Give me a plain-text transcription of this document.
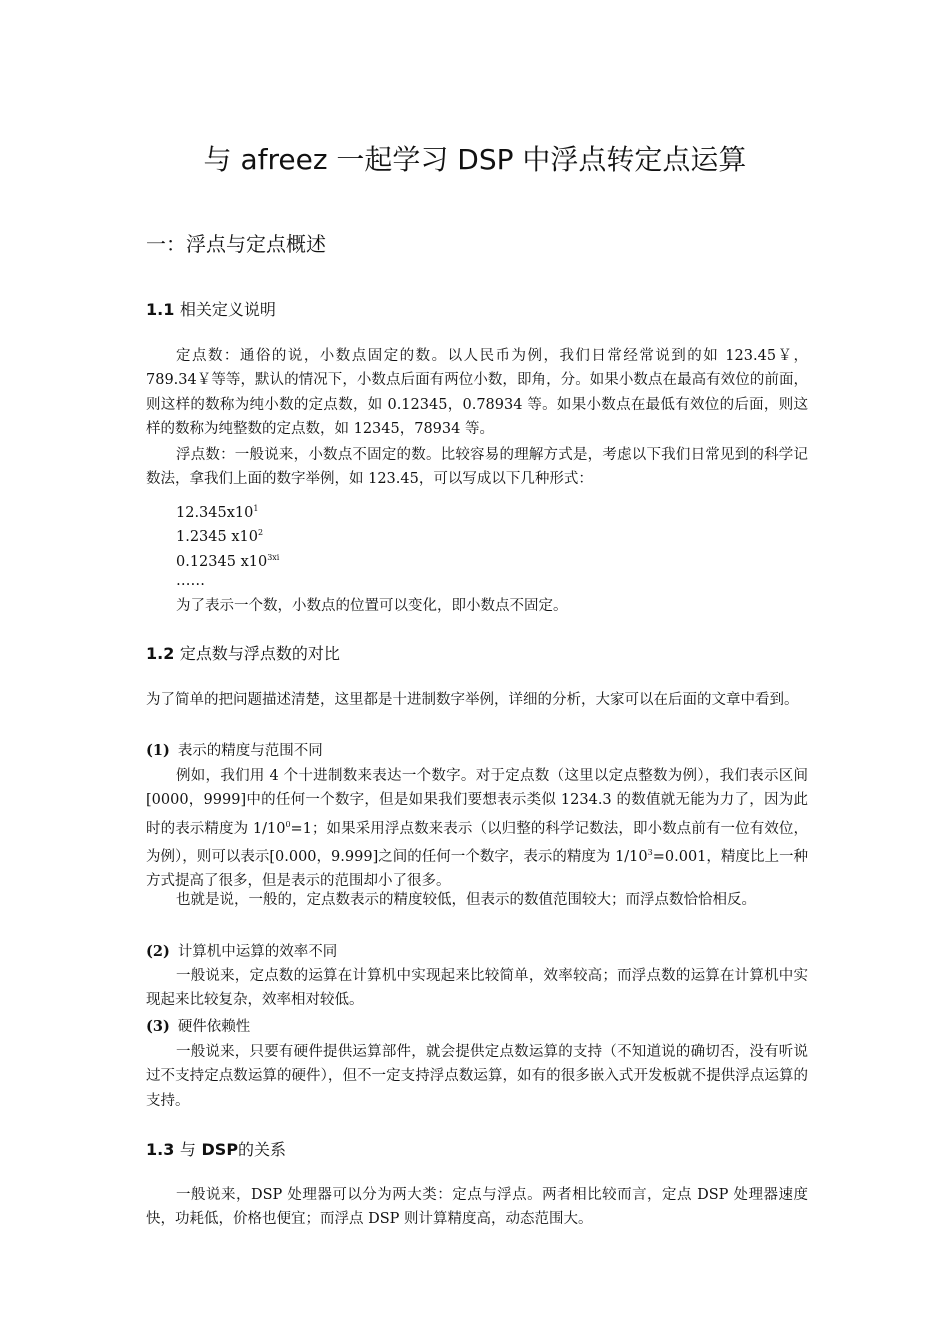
与 afreez 一起学习 DSP 中浮点转定点运算
一：浮点与定点概述
1.1 相关定义说明
定点数：通俗的说，小数点固定的数。以人民币为例，我们日常经常说到的如 123.45￥，789.34￥等等，默认的情况下，小数点后面有两位小数，即角，分。如果小数点在最高有效位的前面，则这样的数称为纯小数的定点数，如 0.12345，0.78934 等。如果小数点在最低有效位的后面，则这样的数称为纯整数的定点数，如 12345，78934 等。
浮点数：一般说来，小数点不固定的数。比较容易的理解方式是，考虑以下我们日常见到的科学记数法，拿我们上面的数字举例，如 123.45，可以写成以下几种形式：
$12.345x10^1$
1.2345 $x10^2$
0.12345 $x10^{3xi}$
……
为了表示一个数，小数点的位置可以变化，即小数点不固定。
1.2 定点数与浮点数的对比
为了简单的把问题描述清楚，这里都是十进制数字举例，详细的分析，大家可以在后面的文章中看到。
(1) 表示的精度与范围不同
例如，我们用 4 个十进制数来表达一个数字。对于定点数（这里以定点整数为例），我们表示区间[0000，9999]中的任何一个数字，但是如果我们要想表示类似 1234.3 的数值就无能为力了，因为此时的表示精度为 $1/10^0=1$；如果采用浮点数来表示（以归整的科学记数法，即小数点前有一位有效位，为例），则可以表示[0.000，9.999]之间的任何一个数字，表示的精度为 $1/10^3=0.001$，精度比上一种方式提高了很多，但是表示的范围却小了很多。
也就是说，一般的，定点数表示的精度较低，但表示的数值范围较大；而浮点数恰恰相反。
(2) 计算机中运算的效率不同
一般说来，定点数的运算在计算机中实现起来比较简单，效率较高；而浮点数的运算在计算机中实现起来比较复杂，效率相对较低。
(3) 硬件依赖性
一般说来，只要有硬件提供运算部件，就会提供定点数运算的支持（不知道说的确切否，没有听说过不支持定点数运算的硬件），但不一定支持浮点数运算，如有的很多嵌入式开发板就不提供浮点运算的支持。
1.3 与 DSP的关系
一般说来，DSP 处理器可以分为两大类：定点与浮点。两者相比较而言，定点 DSP 处理器速度快，功耗低，价格也便宜；而浮点 DSP 则计算精度高，动态范围大。
